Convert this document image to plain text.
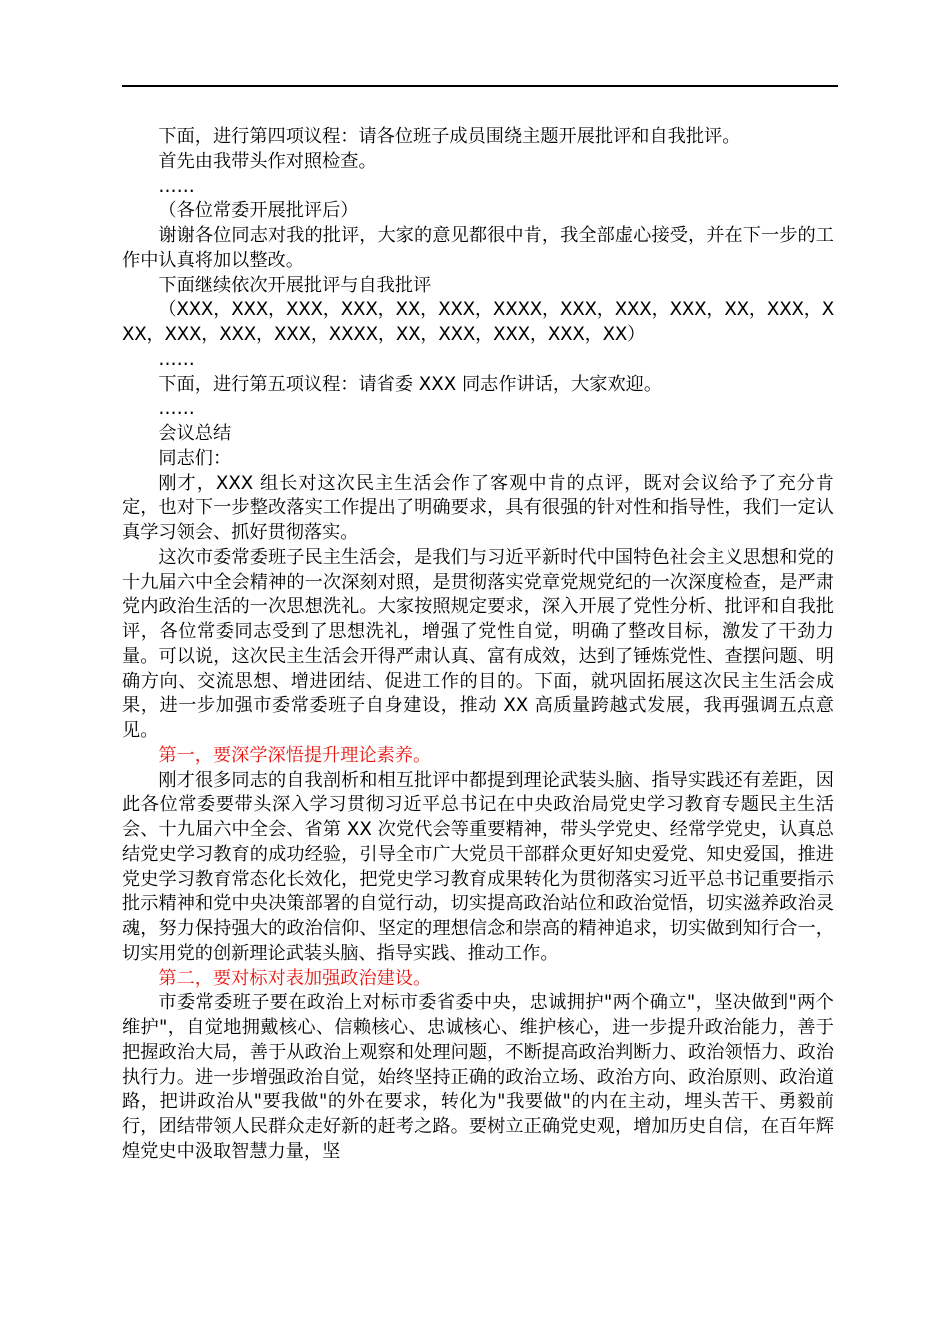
下面，进行第四项议程：请各位班子成员围绕主题开展批评和自我批评。

首先由我带头作对照检查。

……

（各位常委开展批评后）

谢谢各位同志对我的批评，大家的意见都很中肯，我全部虚心接受，并在下一步的工作中认真将加以整改。

下面继续依次开展批评与自我批评

（XXX，XXX，XXX，XXX，XX，XXX，XXXX，XXX，XXX，XXX，XX，XXX，XXX，XXX，XXX，XXX，XXXX，XX，XXX，XXX，XXX，XX）

……

下面，进行第五项议程：请省委 XXX 同志作讲话，大家欢迎。

……

会议总结

同志们：

刚才，XXX 组长对这次民主生活会作了客观中肯的点评，既对会议给予了充分肯定，也对下一步整改落实工作提出了明确要求，具有很强的针对性和指导性，我们一定认真学习领会、抓好贯彻落实。

这次市委常委班子民主生活会，是我们与习近平新时代中国特色社会主义思想和党的十九届六中全会精神的一次深刻对照，是贯彻落实党章党规党纪的一次深度检查，是严肃党内政治生活的一次思想洗礼。大家按照规定要求，深入开展了党性分析、批评和自我批评，各位常委同志受到了思想洗礼，增强了党性自觉，明确了整改目标，激发了干劲力量。可以说，这次民主生活会开得严肃认真、富有成效，达到了锤炼党性、查摆问题、明确方向、交流思想、增进团结、促进工作的目的。下面，就巩固拓展这次民主生活会成果，进一步加强市委常委班子自身建设，推动 XX 高质量跨越式发展，我再强调五点意见。

第一，要深学深悟提升理论素养。

刚才很多同志的自我剖析和相互批评中都提到理论武装头脑、指导实践还有差距，因此各位常委要带头深入学习贯彻习近平总书记在中央政治局党史学习教育专题民主生活会、十九届六中全会、省第 XX 次党代会等重要精神，带头学党史、经常学党史，认真总结党史学习教育的成功经验，引导全市广大党员干部群众更好知史爱党、知史爱国，推进党史学习教育常态化长效化，把党史学习教育成果转化为贯彻落实习近平总书记重要指示批示精神和党中央决策部署的自觉行动，切实提高政治站位和政治觉悟，切实滋养政治灵魂，努力保持强大的政治信仰、坚定的理想信念和崇高的精神追求，切实做到知行合一，切实用党的创新理论武装头脑、指导实践、推动工作。

第二，要对标对表加强政治建设。

市委常委班子要在政治上对标市委省委中央，忠诚拥护"两个确立"，坚决做到"两个维护"，自觉地拥戴核心、信赖核心、忠诚核心、维护核心，进一步提升政治能力，善于把握政治大局，善于从政治上观察和处理问题，不断提高政治判断力、政治领悟力、政治执行力。进一步增强政治自觉，始终坚持正确的政治立场、政治方向、政治原则、政治道路，把讲政治从"要我做"的外在要求，转化为"我要做"的内在主动，埋头苦干、勇毅前行，团结带领人民群众走好新的赶考之路。要树立正确党史观，增加历史自信，在百年辉煌党史中汲取智慧力量，坚
